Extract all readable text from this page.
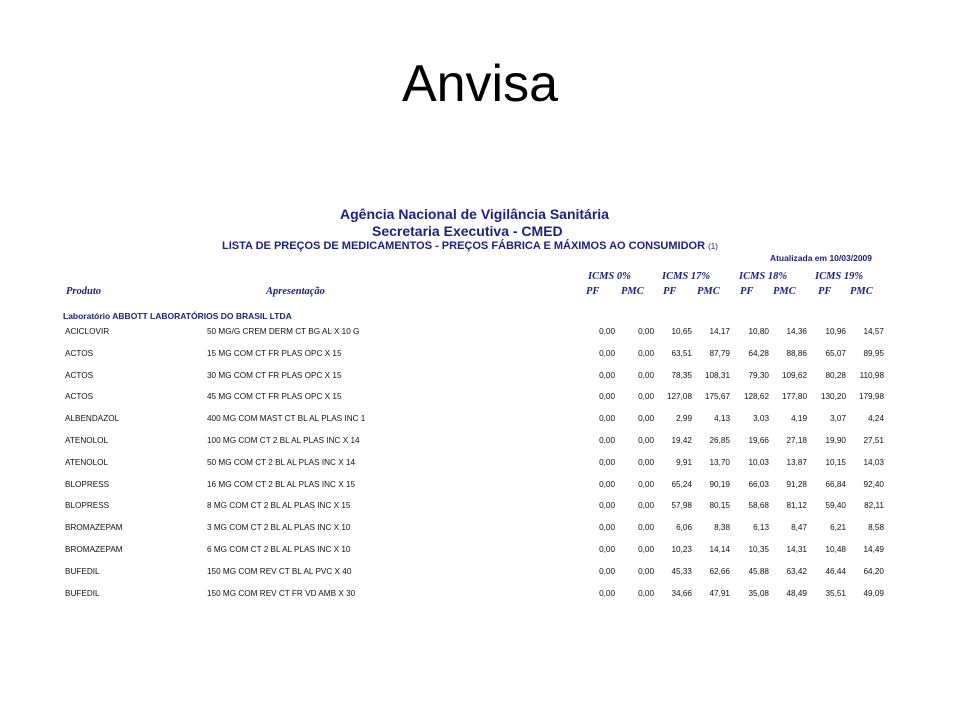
Anvisa
Agência Nacional de Vigilância Sanitária
Secretaria Executiva - CMED
LISTA DE PREÇOS DE MEDICAMENTOS - PREÇOS FÁBRICA E MÁXIMOS AO CONSUMIDOR (1)
Atualizada em 10/03/2009
ICMS 0%	ICMS 17%	ICMS 18%	ICMS 19%
Produto	Apresentação	PF PMC PF PMC PF PMC PF PMC
Laboratório ABBOTT LABORATÓRIOS DO BRASIL LTDA
ACICLOVIR	50 MG/G CREM DERM CT BG AL X 10 G	0,00	0,00	10,65	14,17	10,80	14,36	10,96	14,57
ACTOS	15 MG COM CT FR PLAS OPC X 15	0,00	0,00	63,51	87,79	64,28	88,86	65,07	89,95
ACTOS	30 MG COM CT FR PLAS OPC X 15	0,00	0,00	78,35	108,31	79,30	109,62	80,28	110,98
ACTOS	45 MG COM CT FR PLAS OPC X 15	0,00	0,00	127,08	175,67	128,62	177,80	130,20	179,98
ALBENDAZOL	400 MG COM MAST CT BL AL PLAS INC 1	0,00	0,00	2,99	4,13	3,03	4,19	3,07	4,24
ATENOLOL	100 MG COM CT 2 BL AL PLAS INC X 14	0,00	0,00	19,42	26,85	19,66	27,18	19,90	27,51
ATENOLOL	50 MG COM CT 2 BL AL PLAS INC X 14	0,00	0,00	9,91	13,70	10,03	13,87	10,15	14,03
BLOPRESS	16 MG COM CT 2 BL AL PLAS INC X 15	0,00	0,00	65,24	90,19	66,03	91,28	66,84	92,40
BLOPRESS	8 MG COM CT 2 BL AL PLAS INC X 15	0,00	0,00	57,98	80,15	58,68	81,12	59,40	82,11
BROMAZEPAM	3 MG COM CT 2 BL AL PLAS INC X 10	0,00	0,00	6,06	8,38	6,13	8,47	6,21	8,58
BROMAZEPAM	6 MG COM CT 2 BL AL PLAS INC X 10	0,00	0,00	10,23	14,14	10,35	14,31	10,48	14,49
BUFEDIL	150 MG COM REV CT BL AL PVC X 40	0,00	0,00	45,33	62,66	45,88	63,42	46,44	64,20
BUFEDIL	150 MG COM REV CT FR VD AMB X 30	0,00	0,00	34,66	47,91	35,08	48,49	35,51	49,09
